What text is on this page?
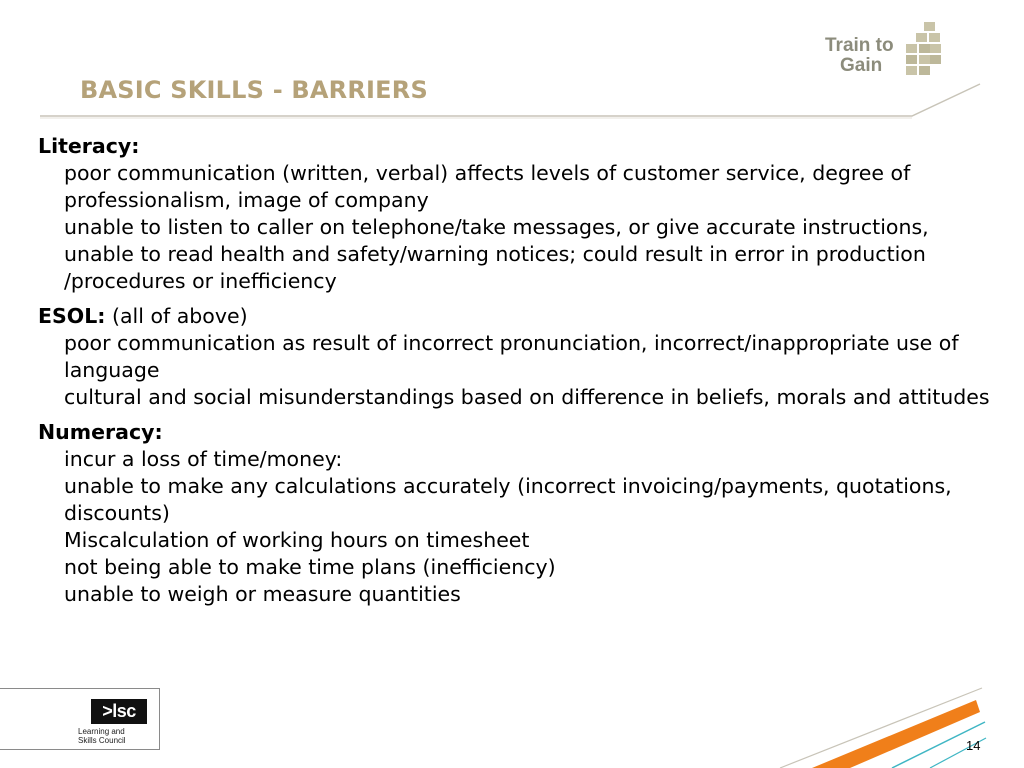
BASIC SKILLS - BARRIERS
Train to
Gain
Literacy:
poor communication (written, verbal) affects levels of customer service, degree of professionalism, image of company
unable to listen to caller on telephone/take messages, or give accurate instructions,
unable to read health and safety/warning notices; could result in error in production /procedures or inefficiency
ESOL: (all of above)
poor communication as result of incorrect pronunciation, incorrect/inappropriate use of language
cultural and social misunderstandings based on difference in beliefs, morals and attitudes
Numeracy:
incur a loss of time/money:
unable to make any calculations accurately (incorrect invoicing/payments, quotations, discounts)
Miscalculation of working hours on timesheet
not being able to make time plans (inefficiency)
unable to weigh or measure quantities
>lsc
Learning and
Skills Council	14
